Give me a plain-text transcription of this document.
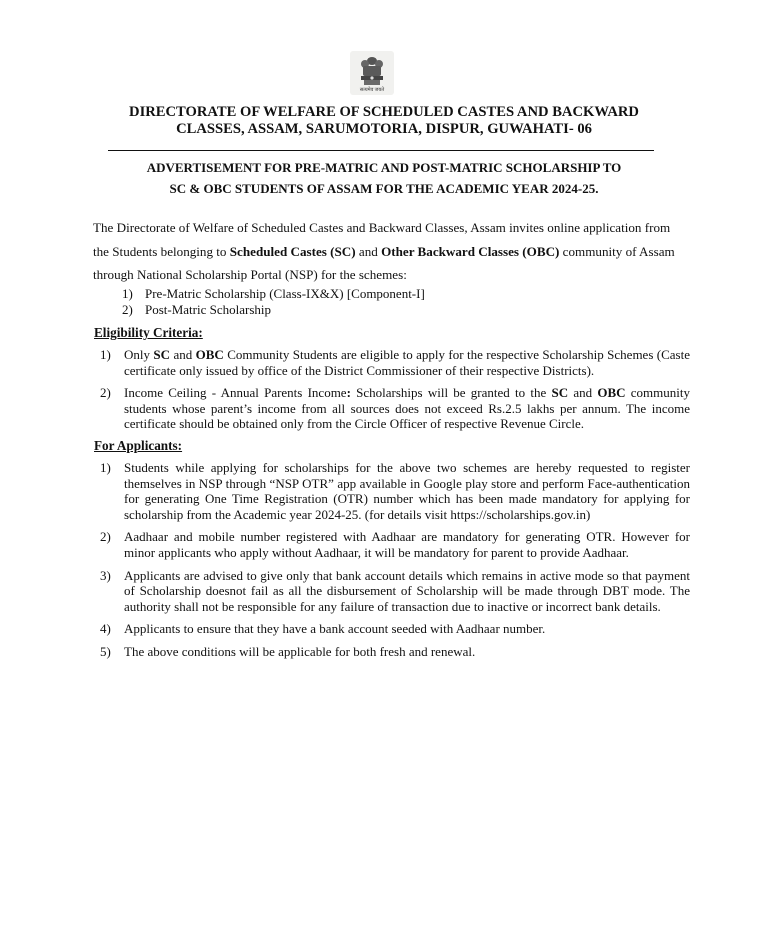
सत्यमेव जयते
DIRECTORATE OF WELFARE OF SCHEDULED CASTES AND BACKWARD
CLASSES, ASSAM, SARUMOTORIA, DISPUR, GUWAHATI- 06
ADVERTISEMENT FOR PRE-MATRIC AND POST-MATRIC SCHOLARSHIP TO
SC & OBC STUDENTS OF ASSAM FOR THE ACADEMIC YEAR 2024-25.

The Directorate of Welfare of Scheduled Castes and Backward Classes, Assam invites online application from the Students belonging to Scheduled Castes (SC) and Other Backward Classes (OBC) community of Assam through National Scholarship Portal (NSP) for the schemes:

1) Pre-Matric Scholarship (Class-IX&X) [Component-I]
2) Post-Matric Scholarship
Eligibility Criteria:
1) Only SC and OBC Community Students are eligible to apply for the respective Scholarship Schemes (Caste certificate only issued by office of the District Commissioner of their respective Districts).
2) Income Ceiling - Annual Parents Income: Scholarships will be granted to the SC and OBC community students whose parent’s income from all sources does not exceed Rs.2.5 lakhs per annum. The income certificate should be obtained only from the Circle Officer of respective Revenue Circle.
For Applicants:
1) Students while applying for scholarships for the above two schemes are hereby requested to register themselves in NSP through “NSP OTR” app available in Google play store and perform Face-authentication for generating One Time Registration (OTR) number which has been made mandatory for applying for scholarship from the Academic year 2024-25. (for details visit https://scholarships.gov.in)
2) Aadhaar and mobile number registered with Aadhaar are mandatory for generating OTR. However for minor applicants who apply without Aadhaar, it will be mandatory for parent to provide Aadhaar.
3) Applicants are advised to give only that bank account details which remains in active mode so that payment of Scholarship doesnot fail as all the disbursement of Scholarship will be made through DBT mode. The authority shall not be responsible for any failure of transaction due to inactive or incorrect bank details.
4) Applicants to ensure that they have a bank account seeded with Aadhaar number.
5) The above conditions will be applicable for both fresh and renewal.
